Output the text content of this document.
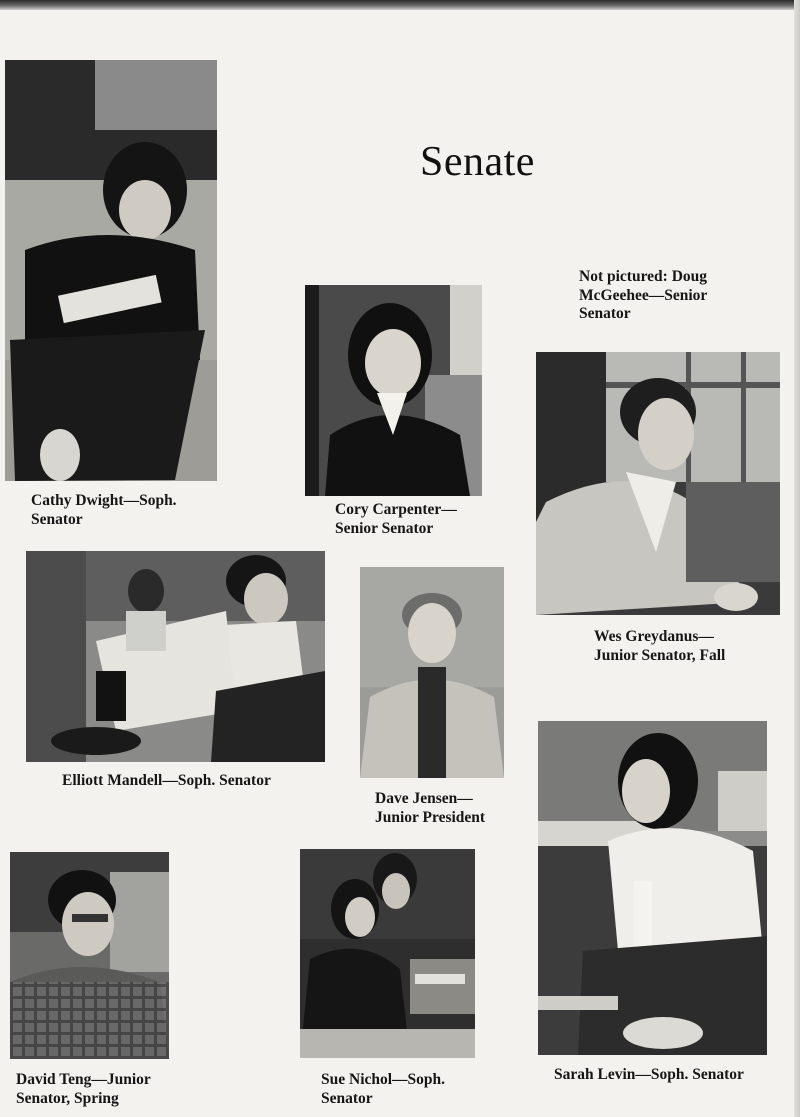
Senate
Not pictured: Doug McGeehee—Senior Senator
Cathy Dwight—Soph.
Senator
Cory Carpenter—
Senior Senator
Wes Greydanus—
Junior Senator, Fall
Elliott Mandell—Soph. Senator
Dave Jensen—
Junior President
Sarah Levin—Soph. Senator
David Teng—Junior
Senator, Spring
Sue Nichol—Soph.
Senator
